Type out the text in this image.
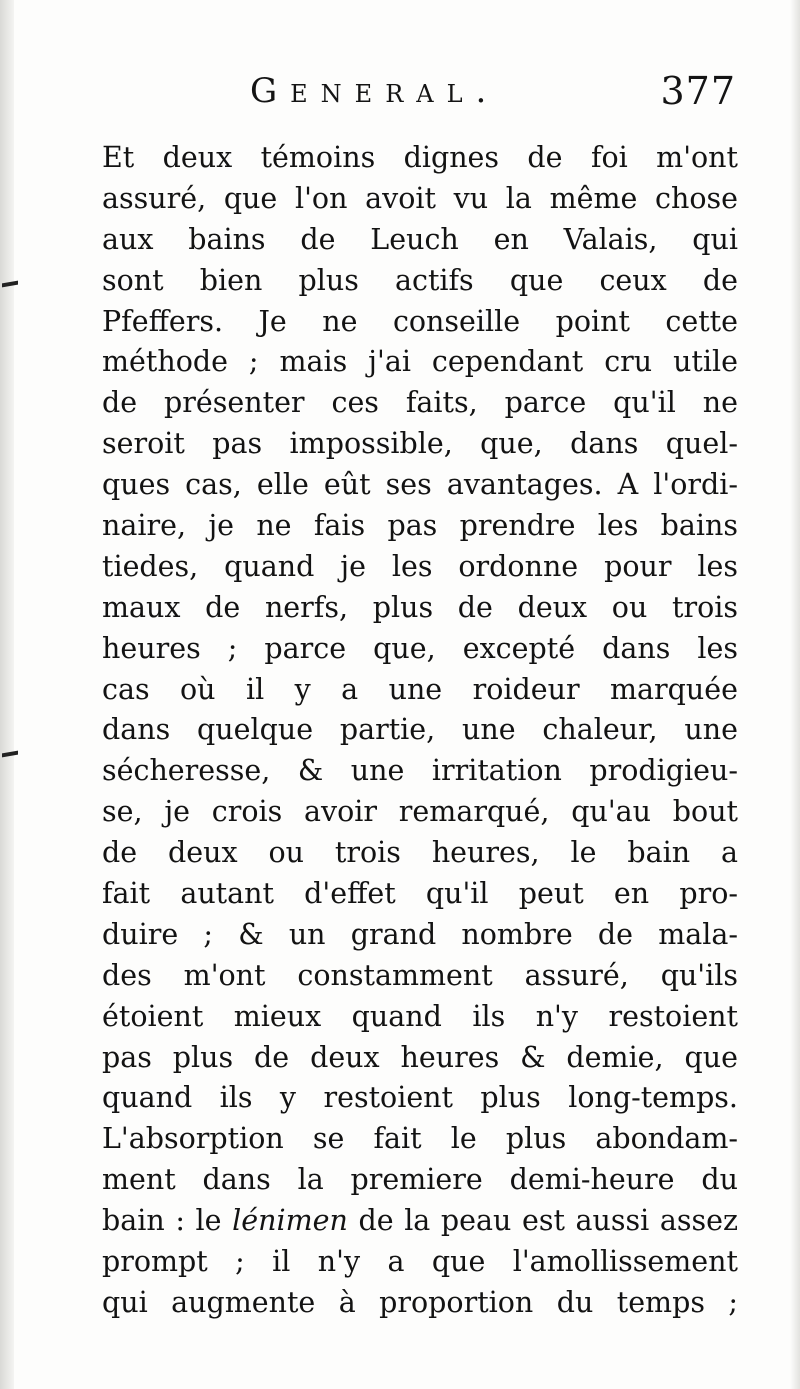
General.	377
Et deux témoins dignes de foi m'ont
assuré, que l'on avoit vu la même chose
aux bains de Leuch en Valais, qui
sont bien plus actifs que ceux de
Pfeffers. Je ne conseille point cette
méthode ; mais j'ai cependant cru utile
de présenter ces faits, parce qu'il ne
seroit pas impossible, que, dans quel-
ques cas, elle eût ses avantages. A l'ordi-
naire, je ne fais pas prendre les bains
tiedes, quand je les ordonne pour les
maux de nerfs, plus de deux ou trois
heures ; parce que, excepté dans les
cas où il y a une roideur marquée
dans quelque partie, une chaleur, une
sécheresse, & une irritation prodigieu-
se, je crois avoir remarqué, qu'au bout
de deux ou trois heures, le bain a
fait autant d'effet qu'il peut en pro-
duire ; & un grand nombre de mala-
des m'ont constamment assuré, qu'ils
étoient mieux quand ils n'y restoient
pas plus de deux heures & demie, que
quand ils y restoient plus long-temps.
L'absorption se fait le plus abondam-
ment dans la premiere demi-heure du
bain : le lénimen de la peau est aussi assez
prompt ; il n'y a que l'amollissement
qui augmente à proportion du temps ;
